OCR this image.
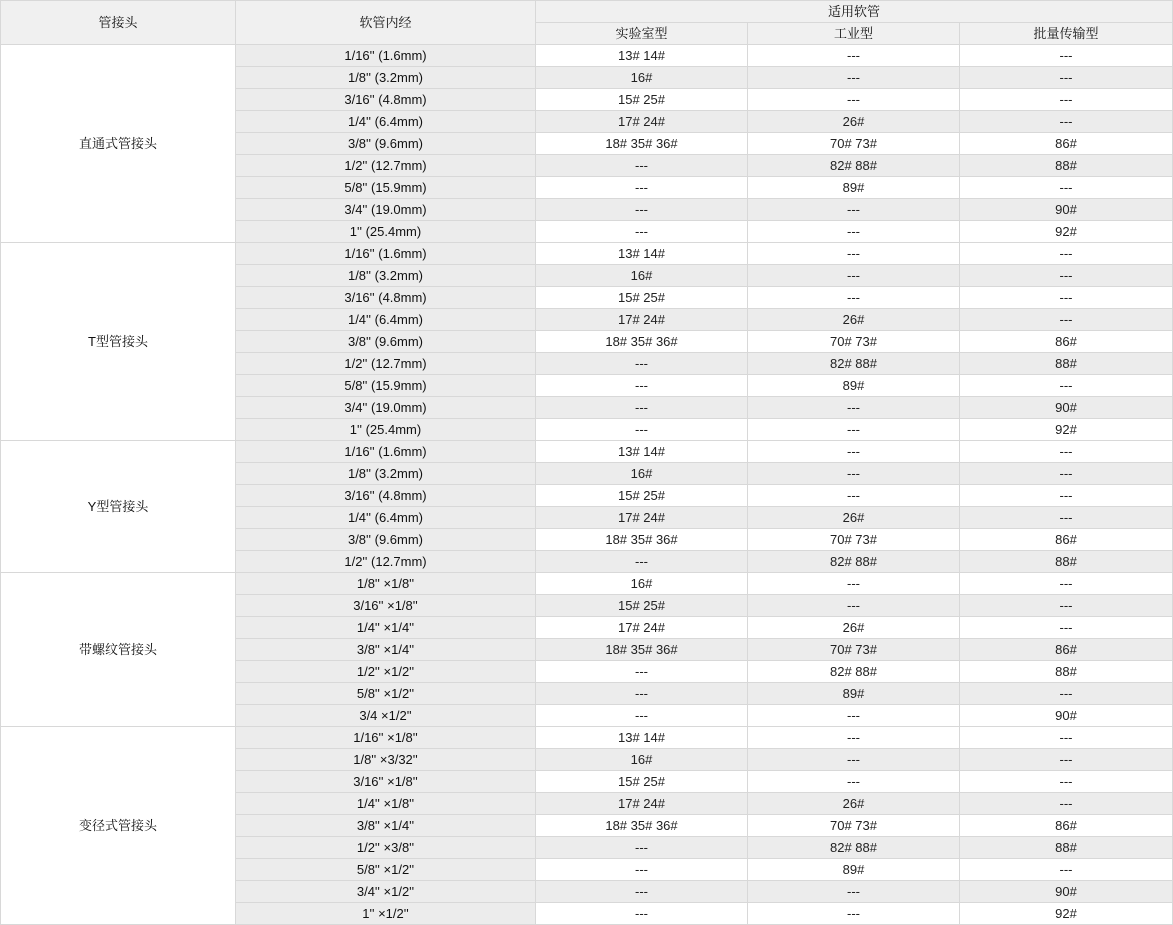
管接头	软管内经	适用软管		
		实验室型	工业型	批量传输型
直通式管接头	1/16'' (1.6mm)	13# 14#	---	---
	1/8'' (3.2mm)	16#	---	---
	3/16'' (4.8mm)	15# 25#	---	---
	1/4'' (6.4mm)	17# 24#	26#	---
	3/8'' (9.6mm)	18# 35# 36#	70# 73#	86#
	1/2'' (12.7mm)	---	82# 88#	88#
	5/8'' (15.9mm)	---	89#	---
	3/4'' (19.0mm)	---	---	90#
	1'' (25.4mm)	---	---	92#
T型管接头	1/16'' (1.6mm)	13# 14#	---	---
	1/8'' (3.2mm)	16#	---	---
	3/16'' (4.8mm)	15# 25#	---	---
	1/4'' (6.4mm)	17# 24#	26#	---
	3/8'' (9.6mm)	18# 35# 36#	70# 73#	86#
	1/2'' (12.7mm)	---	82# 88#	88#
	5/8'' (15.9mm)	---	89#	---
	3/4'' (19.0mm)	---	---	90#
	1'' (25.4mm)	---	---	92#
Y型管接头	1/16'' (1.6mm)	13# 14#	---	---
	1/8'' (3.2mm)	16#	---	---
	3/16'' (4.8mm)	15# 25#	---	---
	1/4'' (6.4mm)	17# 24#	26#	---
	3/8'' (9.6mm)	18# 35# 36#	70# 73#	86#
	1/2'' (12.7mm)	---	82# 88#	88#
带螺纹管接头	1/8'' ×1/8''	16#	---	---
	3/16'' ×1/8''	15# 25#	---	---
	1/4'' ×1/4''	17# 24#	26#	---
	3/8'' ×1/4''	18# 35# 36#	70# 73#	86#
	1/2'' ×1/2''	---	82# 88#	88#
	5/8'' ×1/2''	---	89#	---
	3/4 ×1/2''	---	---	90#
变径式管接头	1/16'' ×1/8''	13# 14#	---	---
	1/8'' ×3/32''	16#	---	---
	3/16'' ×1/8''	15# 25#	---	---
	1/4'' ×1/8''	17# 24#	26#	---
	3/8'' ×1/4''	18# 35# 36#	70# 73#	86#
	1/2'' ×3/8''	---	82# 88#	88#
	5/8'' ×1/2''	---	89#	---
	3/4'' ×1/2''	---	---	90#
	1'' ×1/2''	---	---	92#
